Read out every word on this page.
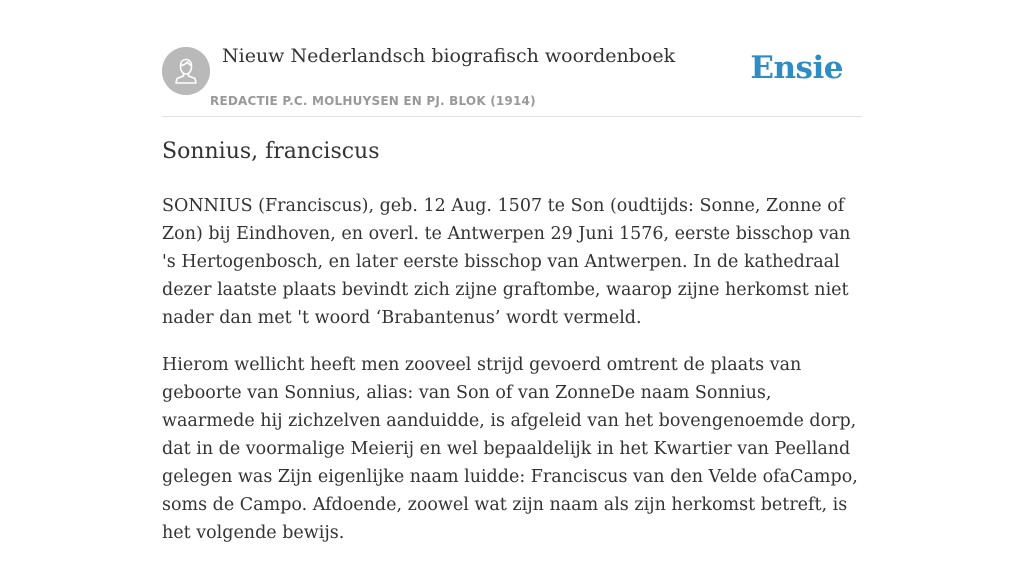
Nieuw Nederlandsch biografisch woordenboek
REDACTIE P.C. MOLHUYSEN EN PJ. BLOK (1914)
Ensie
Sonnius, franciscus

SONNIUS (Franciscus), geb. 12 Aug. 1507 te Son (oudtijds: Sonne, Zonne of Zon) bij Eindhoven, en overl. te Antwerpen 29 Juni 1576, eerste bisschop van 's Hertogenbosch, en later eerste bisschop van Antwerpen. In de kathedraal dezer laatste plaats bevindt zich zijne graftombe, waarop zijne herkomst niet nader dan met 't woord ‘Brabantenus’ wordt vermeld.

Hierom wellicht heeft men zooveel strijd gevoerd omtrent de plaats van geboorte van Sonnius, alias: van Son of van ZonneDe naam Sonnius, waarmede hij zichzelven aanduidde, is afgeleid van het bovengenoemde dorp, dat in de voormalige Meierij en wel bepaaldelijk in het Kwartier van Peelland gelegen was Zijn eigenlijke naam luidde: Franciscus van den Velde ofaCampo, soms de Campo. Afdoende, zoowel wat zijn naam als zijn herkomst betreft, is het volgende bewijs.
